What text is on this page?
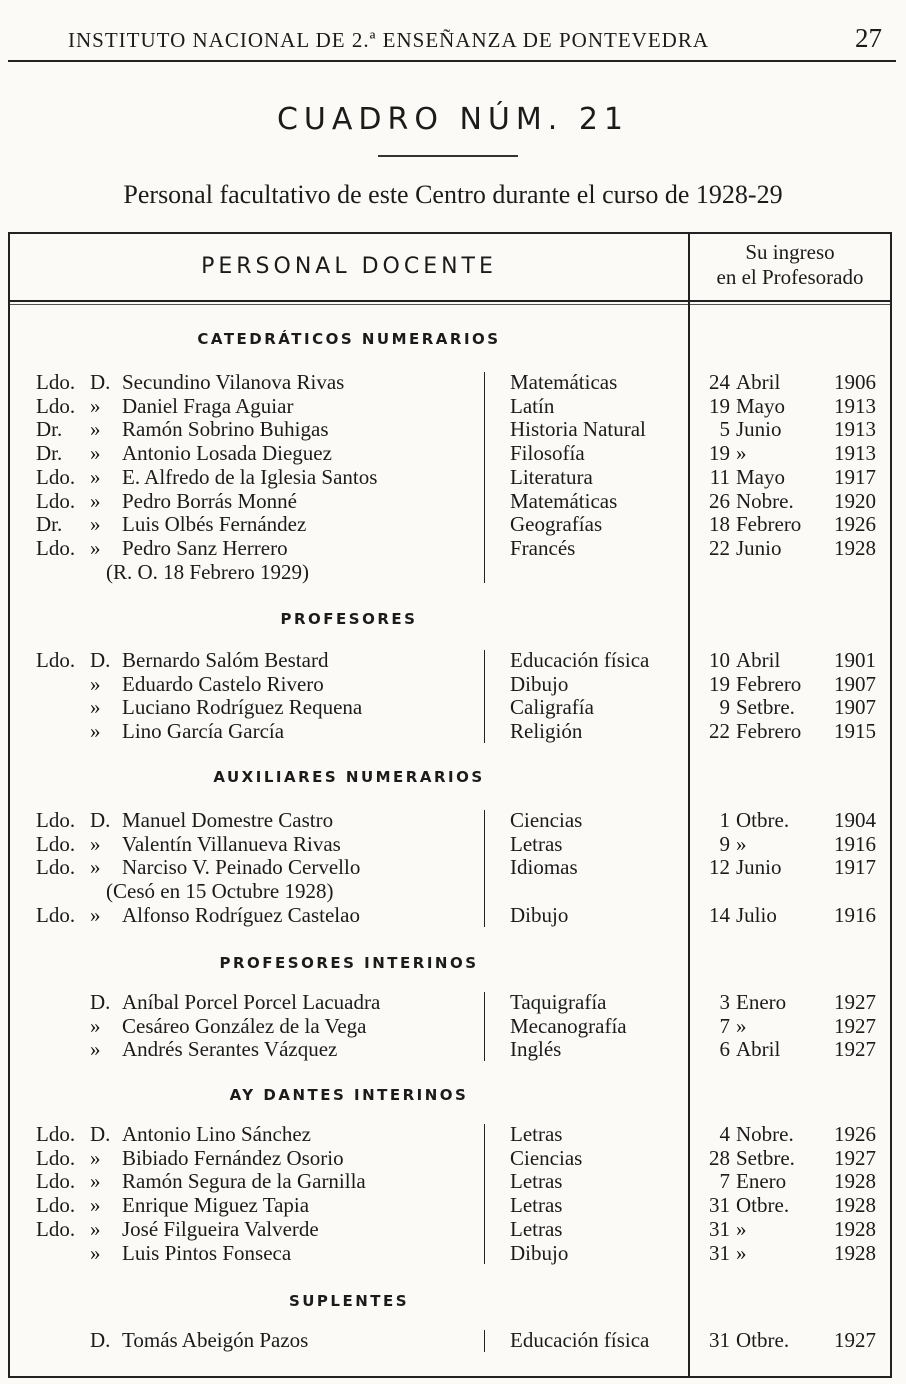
INSTITUTO NACIONAL DE 2.ª ENSEÑANZA DE PONTEVEDRA	27
CUADRO NÚM. 21
Personal facultativo de este Centro durante el curso de 1928-29
PERSONAL DOCENTE
Su ingreso
en el Profesorado
CATEDRÁTICOS NUMERARIOS
Ldo. D. Secundino Vilanova Rivas	Matemáticas	24 Abril	1906
Ldo. »	Daniel Fraga Aguiar	Latín	19 Mayo 1913
Dr.	»	Ramón Sobrino Buhigas	Historia Natural	5 Junio 1913
Dr.	»	Antonio Losada Dieguez	Filosofía	19 »	1913
Ldo. »	E. Alfredo de la Iglesia Santos	Literatura	11 Mayo 1917
Ldo. »	Pedro Borrás Monné	Matemáticas	26 Nobre. 1920
Dr.	»	Luis Olbés Fernández	Geografías	18 Febrero 1926
Ldo. »	Pedro Sanz Herrero	Francés	22 Junio 1928
(R. O. 18 Febrero 1929)
PROFESORES
Ldo. D. Bernardo Salóm Bestard	Educación física	10 Abril	1901
»	Eduardo Castelo Rivero	Dibujo	19 Febrero 1907
»	Luciano Rodríguez Requena	Caligrafía	9 Setbre. 1907
»	Lino García García	Religión	22 Febrero 1915
AUXILIARES NUMERARIOS
Ldo. D. Manuel Domestre Castro	Ciencias	1 Otbre. 1904
Ldo. »	Valentín Villanueva Rivas	Letras	9 »	1916
Ldo. »	Narciso V. Peinado Cervello	Idiomas	12 Junio 1917
(Cesó en 15 Octubre 1928)
Ldo. »	Alfonso Rodríguez Castelao	Dibujo	14 Julio	1916
PROFESORES INTERINOS
D. Aníbal Porcel Porcel Lacuadra	Taquigrafía	3 Enero 1927
»	Cesáreo González de la Vega	Mecanografía	7 »	1927
»	Andrés Serantes Vázquez	Inglés	6 Abril	1927
AY DANTES INTERINOS
Ldo. D. Antonio Lino Sánchez	Letras	4 Nobre. 1926
Ldo. »	Bibiado Fernández Osorio	Ciencias	28 Setbre. 1927
Ldo. »	Ramón Segura de la Garnilla	Letras	7 Enero 1928
Ldo. »	Enrique Miguez Tapia	Letras	31 Otbre. 1928
Ldo. »	José Filgueira Valverde	Letras	31 »	1928
»	Luis Pintos Fonseca	Dibujo	31 »	1928
SUPLENTES
D. Tomás Abeigón Pazos	Educación física	31 Otbre. 1927
